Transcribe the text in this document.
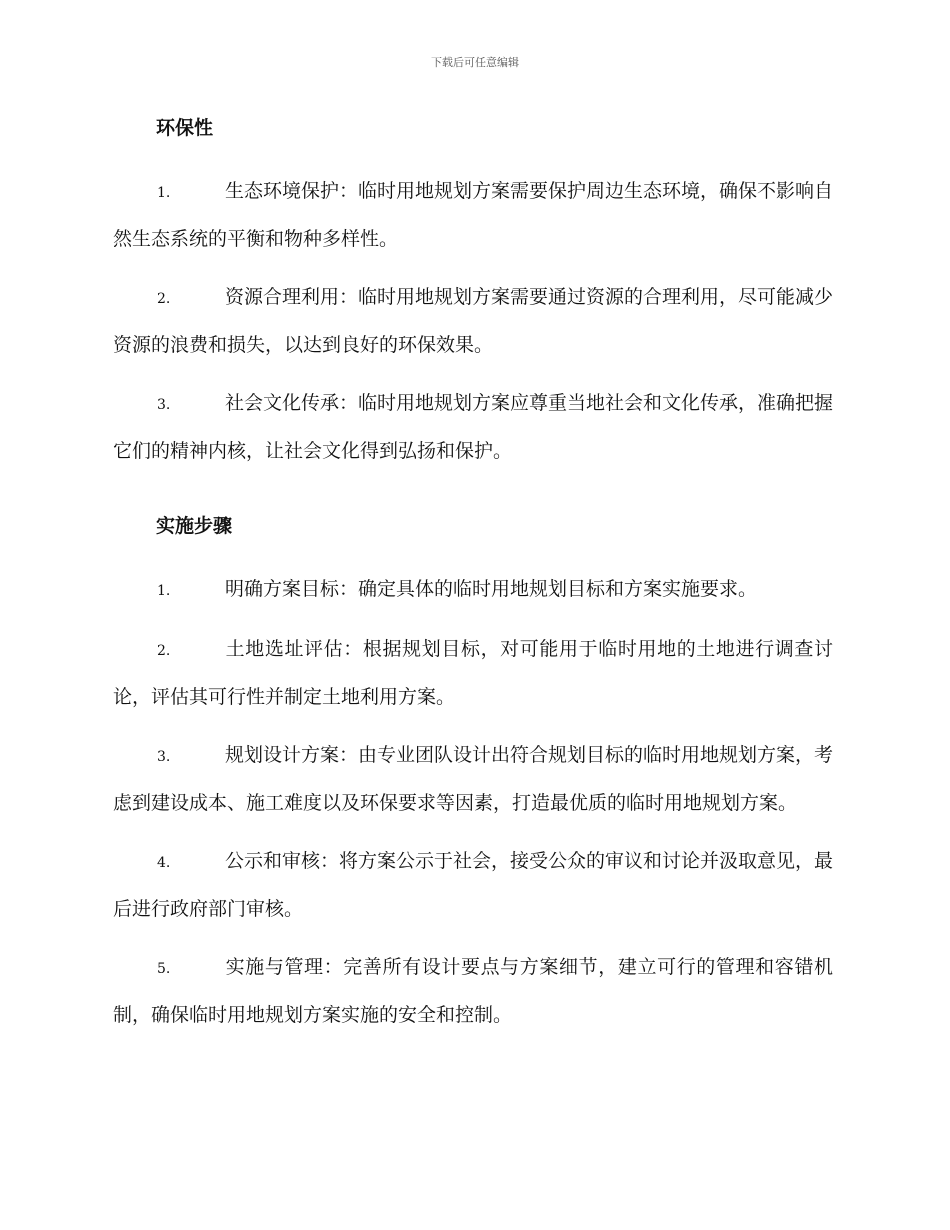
下载后可任意编辑
环保性

1.	生态环境保护：临时用地规划方案需要保护周边生态环境，确保不影响自然生态系统的平衡和物种多样性。

2.	资源合理利用：临时用地规划方案需要通过资源的合理利用，尽可能减少资源的浪费和损失，以达到良好的环保效果。

3.	社会文化传承：临时用地规划方案应尊重当地社会和文化传承，准确把握它们的精神内核，让社会文化得到弘扬和保护。

实施步骤

1.	明确方案目标：确定具体的临时用地规划目标和方案实施要求。

2.	土地选址评估：根据规划目标，对可能用于临时用地的土地进行调查讨论，评估其可行性并制定土地利用方案。

3.	规划设计方案：由专业团队设计出符合规划目标的临时用地规划方案，考虑到建设成本、施工难度以及环保要求等因素，打造最优质的临时用地规划方案。

4.	公示和审核：将方案公示于社会，接受公众的审议和讨论并汲取意见，最后进行政府部门审核。

5.	实施与管理：完善所有设计要点与方案细节，建立可行的管理和容错机制，确保临时用地规划方案实施的安全和控制。
